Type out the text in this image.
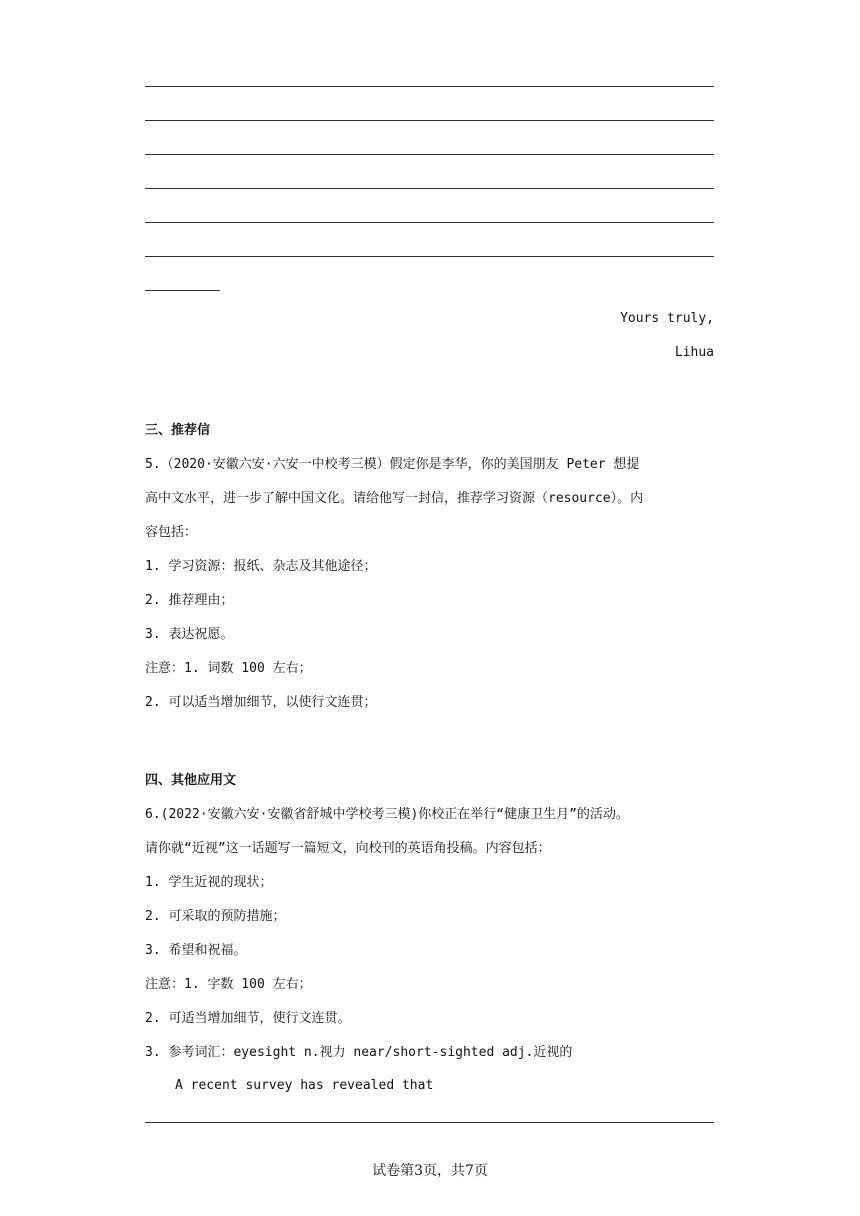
Yours truly,
Lihua
三、推荐信
5.（2020·安徽六安·六安一中校考三模）假定你是李华，你的美国朋友 Peter 想提
高中文水平，进一步了解中国文化。请给他写一封信，推荐学习资源（resource）。内
容包括：
1. 学习资源：报纸、杂志及其他途径；
2. 推荐理由；
3. 表达祝愿。
注意：1. 词数 100 左右；
2. 可以适当增加细节，以使行文连贯；
四、其他应用文
6.(2022·安徽六安·安徽省舒城中学校考三模)你校正在举行“健康卫生月”的活动。
请你就“近视”这一话题写一篇短文，向校刊的英语角投稿。内容包括：
1. 学生近视的现状；
2. 可采取的预防措施；
3. 希望和祝福。
注意：1. 字数 100 左右；
2. 可适当增加细节，使行文连贯。
3. 参考词汇：eyesight n.视力 near/short-sighted adj.近视的
A recent survey has revealed that
试卷第3页，共7页
